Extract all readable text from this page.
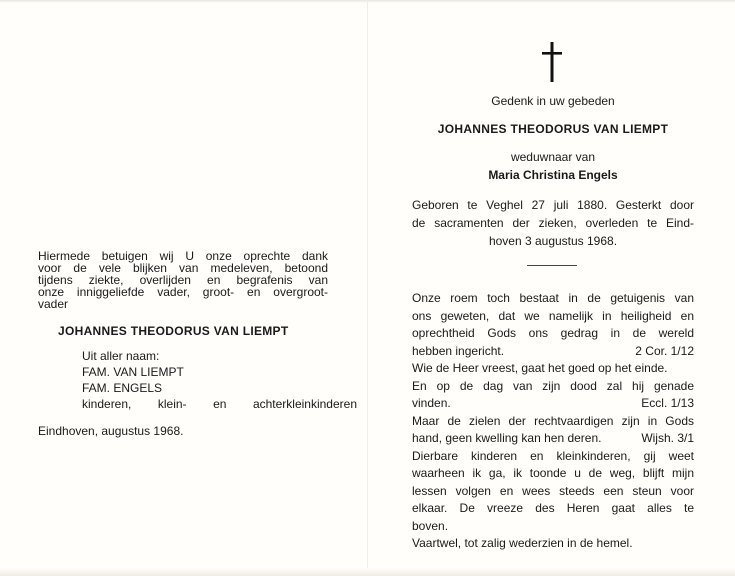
Hiermede betuigen wij U onze oprechte dank
voor de vele blijken van medeleven, betoond
tijdens ziekte, overlijden en begrafenis van
onze inniggeliefde vader, groot- en overgroot-
vader
JOHANNES THEODORUS VAN LIEMPT
Uit aller naam:
FAM. VAN LIEMPT
FAM. ENGELS
kinderen, klein- en achterkleinkinderen
Eindhoven, augustus 1968.
Gedenk in uw gebeden
JOHANNES THEODORUS VAN LIEMPT
weduwnaar van
Maria Christina Engels
Geboren te Veghel 27 juli 1880. Gesterkt door
de sacramenten der zieken, overleden te Eind-
hoven 3 augustus 1968.
Onze roem toch bestaat in de getuigenis van
ons geweten, dat we namelijk in heiligheid en
oprechtheid Gods ons gedrag in de wereld
hebben ingericht.	2 Cor. 1/12
Wie de Heer vreest, gaat het goed op het einde.
En op de dag van zijn dood zal hij genade
vinden.	Eccl. 1/13
Maar de zielen der rechtvaardigen zijn in Gods
hand, geen kwelling kan hen deren.	Wijsh. 3/1
Dierbare kinderen en kleinkinderen, gij weet
waarheen ik ga, ik toonde u de weg, blijft mijn
lessen volgen en wees steeds een steun voor
elkaar. De vreeze des Heren gaat alles te
boven.
Vaartwel, tot zalig wederzien in de hemel.
